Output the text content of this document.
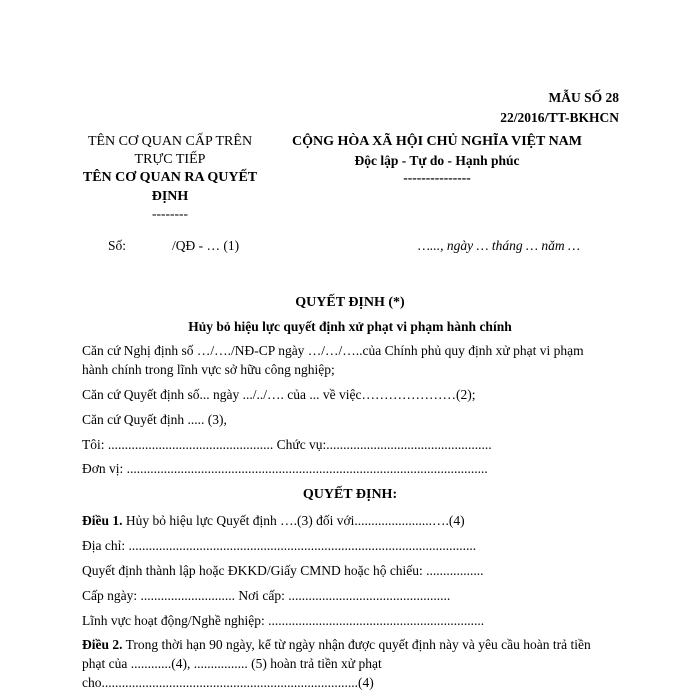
MẪU SỐ 28
22/2016/TT-BKHCN
TÊN CƠ QUAN CẤP TRÊN
TRỰC TIẾP
TÊN CƠ QUAN RA QUYẾT
ĐỊNH
--------
CỘNG HÒA XÃ HỘI CHỦ NGHĨA VIỆT NAM
Độc lập - Tự do - Hạnh phúc
---------------
Số:	/QĐ - … (1)	…..., ngày … tháng … năm …
QUYẾT ĐỊNH (*)
Hủy bỏ hiệu lực quyết định xử phạt vi phạm hành chính
Căn cứ Nghị định số …/…./NĐ-CP ngày …/…/…..của Chính phủ quy định xử phạt vi phạm
hành chính trong lĩnh vực sở hữu công nghiệp;
Căn cứ Quyết định số... ngày .../../…. của ... về việc…………………(2);
Căn cứ Quyết định ..... (3),
Tôi: ................................................. Chức vụ:.................................................
Đơn vị: ...........................................................................................................
QUYẾT ĐỊNH:
Điều 1. Hủy bỏ hiệu lực Quyết định ….(3) đối với.......................….(4)
Địa chỉ: .......................................................................................................
Quyết định thành lập hoặc ĐKKD/Giấy CMND hoặc hộ chiếu: .................
Cấp ngày: ............................ Nơi cấp: ................................................
Lĩnh vực hoạt động/Nghề nghiệp: ................................................................
Điều 2. Trong thời hạn 90 ngày, kể từ ngày nhận được quyết định này và yêu cầu hoàn trả tiền
phạt của ............(4), ................ (5) hoàn trả tiền xử phạt
cho............................................................................(4)
